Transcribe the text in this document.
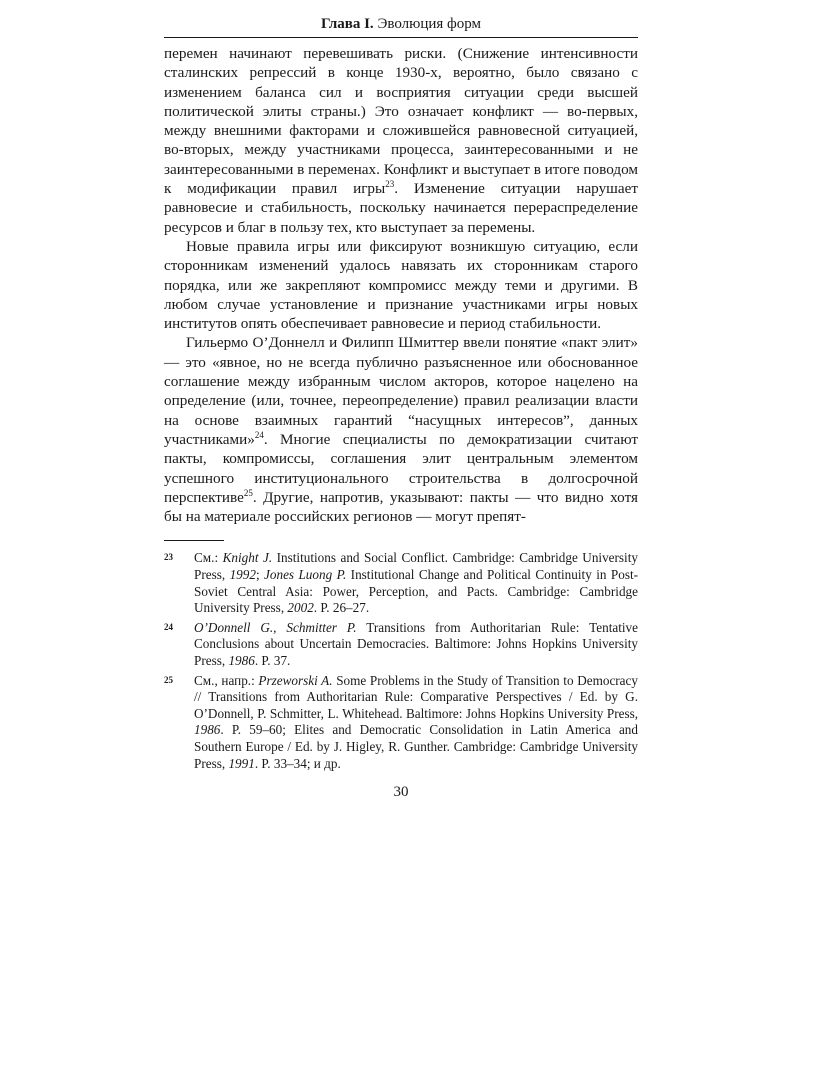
Глава I. Эволюция форм

перемен начинают перевешивать риски. (Снижение интенсивности сталинских репрессий в конце 1930-х, вероятно, было связано с изменением баланса сил и восприятия ситуации среди высшей политической элиты страны.) Это означает конфликт — во-первых, между внешними факторами и сложившейся равновесной ситуацией, во-вторых, между участниками процесса, заинтересованными и не заинтересованными в переменах. Конфликт и выступает в итоге поводом к модификации правил игры$^{23}$. Изменение ситуации нарушает равновесие и стабильность, поскольку начинается перераспределение ресурсов и благ в пользу тех, кто выступает за перемены.

Новые правила игры или фиксируют возникшую ситуацию, если сторонникам изменений удалось навязать их сторонникам старого порядка, или же закрепляют компромисс между теми и другими. В любом случае установление и признание участниками игры новых институтов опять обеспечивает равновесие и период стабильности.

Гильермо О’Доннелл и Филипп Шмиттер ввели понятие «пакт элит» — это «явное, но не всегда публично разъясненное или обоснованное соглашение между избранным числом акторов, которое нацелено на определение (или, точнее, переопределение) правил реализации власти на основе взаимных гарантий “насущных интересов”, данных участниками»$^{24}$. Многие специалисты по демократизации считают пакты, компромиссы, соглашения элит центральным элементом успешного институционального строительства в долгосрочной перспективе$^{25}$. Другие, напротив, указывают: пакты — что видно хотя бы на материале российских регионов — могут препят-

23 См.: Knight J. Institutions and Social Conflict. Cambridge: Cambridge University Press, 1992; Jones Luong P. Institutional Change and Political Continuity in Post-Soviet Central Asia: Power, Perception, and Pacts. Cambridge: Cambridge University Press, 2002. P. 26–27.
24 O’Donnell G., Schmitter P. Transitions from Authoritarian Rule: Tentative Conclusions about Uncertain Democracies. Baltimore: Johns Hopkins University Press, 1986. P. 37.
25 См., напр.: Przeworski A. Some Problems in the Study of Transition to Democracy // Transitions from Authoritarian Rule: Comparative Perspectives / Ed. by G. O’Donnell, P. Schmitter, L. Whitehead. Baltimore: Johns Hopkins University Press, 1986. P. 59–60; Elites and Democratic Consolidation in Latin America and Southern Europe / Ed. by J. Higley, R. Gunther. Cambridge: Cambridge University Press, 1991. P. 33–34; и др.
30
